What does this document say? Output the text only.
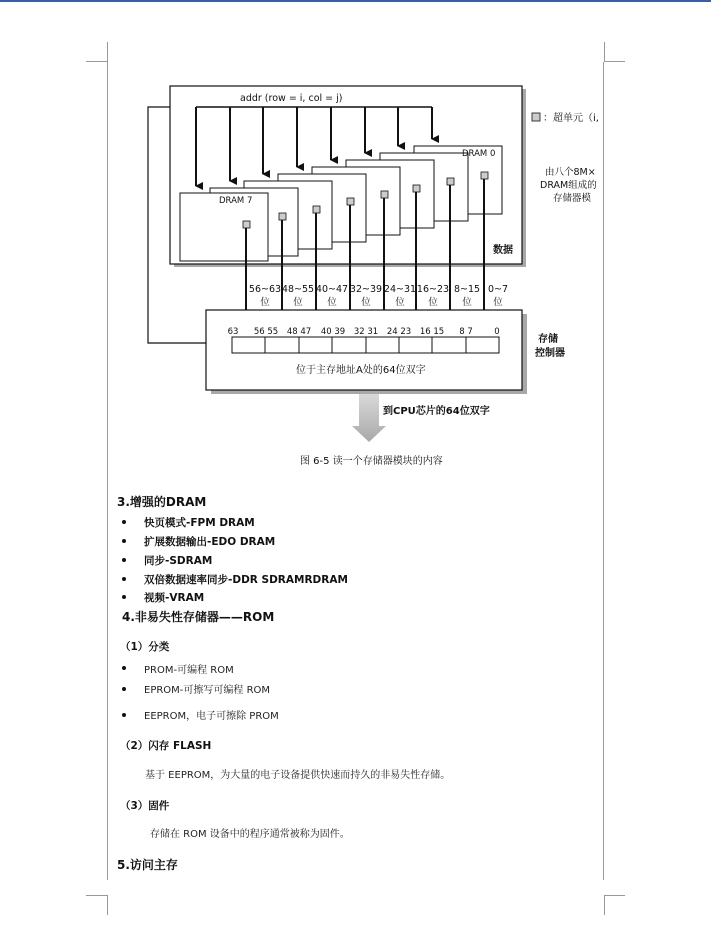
addr (row = i, col = j)
DRAM 0
DRAM 7
：超单元（i,
由八个8M×
DRAM组成的
存储器模
数据
56~63 48~55 40~47 32~39 24~31 16~23 8~15 0~7
位 位	位	位	位 位	位 位
存储
控制器
63 56 55 48 47 40 39 32 31 24 23 16 15 8 7	0
位于主存地址A处的64位双字
到CPU芯片的64位双字
图 6-5 读一个存储器模块的内容
3.增强的DRAM
快页模式-FPM DRAM
扩展数据输出-EDO DRAM
同步-SDRAM
双倍数据速率同步-DDR SDRAMRDRAM
视频-VRAM
4.非易失性存储器——ROM
（1）分类
PROM-可编程 ROM
EPROM-可擦写可编程 ROM
EEPROM，电子可擦除 PROM
（2）闪存 FLASH
基于 EEPROM，为大量的电子设备提供快速而持久的非易失性存储。
（3）固件
存储在 ROM 设备中的程序通常被称为固件。
5.访问主存
